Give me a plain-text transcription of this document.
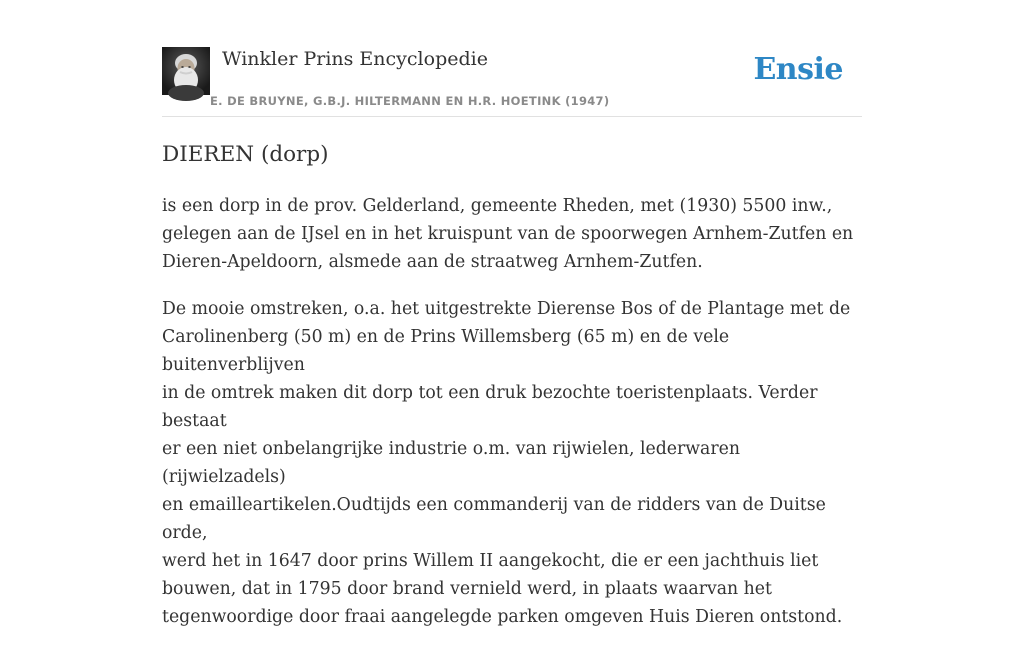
Winkler Prins Encyclopedie
E. DE BRUYNE, G.B.J. HILTERMANN EN H.R. HOETINK (1947)
Ensie
DIEREN (dorp)

is een dorp in de prov. Gelderland, gemeente Rheden, met (1930) 5500 inw.,
gelegen aan de IJsel en in het kruispunt van de spoorwegen Arnhem-Zutfen en
Dieren-Apeldoorn, alsmede aan de straatweg Arnhem-Zutfen.

De mooie omstreken, o.a. het uitgestrekte Dierense Bos of de Plantage met de
Carolinenberg (50 m) en de Prins Willemsberg (65 m) en de vele buitenverblijven
in de omtrek maken dit dorp tot een druk bezochte toeristenplaats. Verder bestaat
er een niet onbelangrijke industrie o.m. van rijwielen, lederwaren (rijwielzadels)
en emailleartikelen.Oudtijds een commanderij van de ridders van de Duitse orde,
werd het in 1647 door prins Willem II aangekocht, die er een jachthuis liet
bouwen, dat in 1795 door brand vernield werd, in plaats waarvan het
tegenwoordige door fraai aangelegde parken omgeven Huis Dieren ontstond.
